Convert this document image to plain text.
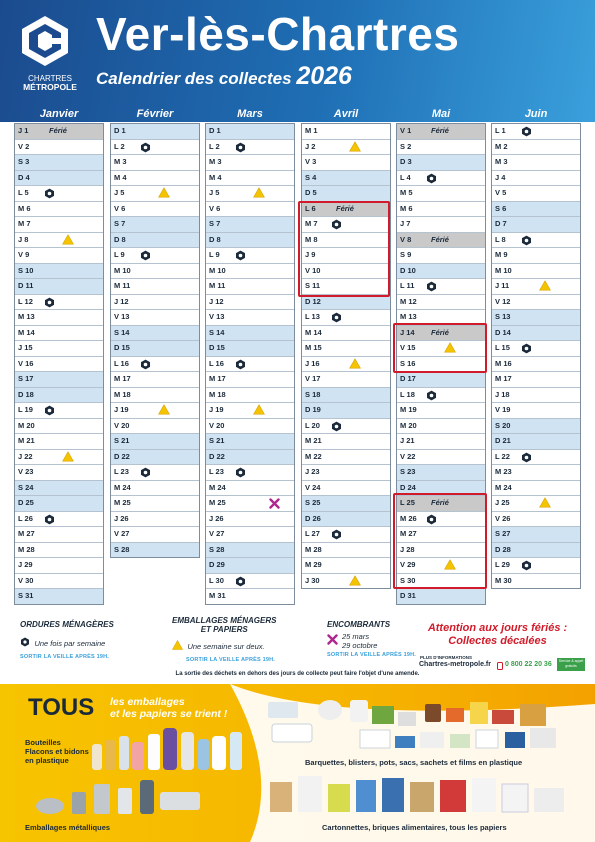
CHARTRES
MÉTROPOLE
Ver-lès-Chartres
Calendrier des collectes 2026
Janvier
J 1	Férié
V 2
S 3
D 4
L 5
M 6
M 7
J 8
V 9
S 10
D 11
L 12
M 13
M 14
J 15
V 16
S 17
D 18
L 19
M 20
M 21
J 22
V 23
S 24
D 25
L 26
M 27
M 28
J 29
V 30
S 31
Février
D 1
L 2
M 3
M 4
J 5
V 6
S 7
D 8
L 9
M 10
M 11
J 12
V 13
S 14
D 15
L 16
M 17
M 18
J 19
V 20
S 21
D 22
L 23
M 24
M 25
J 26
V 27
S 28
Mars
D 1
L 2
M 3
M 4
J 5
V 6
S 7
D 8
L 9
M 10
M 11
J 12
V 13
S 14
D 15
L 16
M 17
M 18
J 19
V 20
S 21
D 22
L 23
M 24
M 25
J 26
V 27
S 28
D 29
L 30
M 31
Avril
M 1
J 2
V 3
S 4
D 5
L 6	Férié
M 7
M 8
J 9
V 10
S 11
D 12
L 13
M 14
M 15
J 16
V 17
S 18
D 19
L 20
M 21
M 22
J 23
V 24
S 25
D 26
L 27
M 28
M 29
J 30
Mai
V 1	Férié
S 2
D 3
L 4
M 5
M 6
J 7
V 8	Férié
S 9
D 10
L 11
M 12
M 13
J 14 Férié
V 15
S 16
D 17
L 18
M 19
M 20
J 21
V 22
S 23
D 24
L 25 Férié
M 26
M 27
J 28
V 29
S 30
D 31
Juin
L 1
M 2
M 3
J 4
V 5
S 6
D 7
L 8
M 9
M 10
J 11
V 12
S 13
D 14
L 15
M 16
M 17
J 18
V 19
S 20
D 21
L 22
M 23
M 24
J 25
V 26
S 27
D 28
L 29
M 30
ORDURES MÉNAGÈRES
Une fois par semaine
SORTIR LA VEILLE APRÈS 19H.
EMBALLAGES MÉNAGERS
ET PAPIERS
Une semaine sur deux.
SORTIR LA VEILLE APRÈS 19H.
ENCOMBRANTS
25 mars
29 octobre
SORTIR LA VEILLE APRÈS 19H.
Attention aux jours fériés :
Collectes décalées
PLUS D'INFORMATIONS
Chartres-metropole.fr 0 800 22 20 36	Service & appel
gratuits
La sortie des déchets en dehors des jours de collecte peut faire l'objet d'une amende.
TOUS les emballages
et les papiers se trient !
Bouteilles
Flacons et bidons
en plastique	Barquettes, blisters, pots, sacs, sachets et films en plastique
Emballages métalliques	Cartonnettes, briques alimentaires, tous les papiers
